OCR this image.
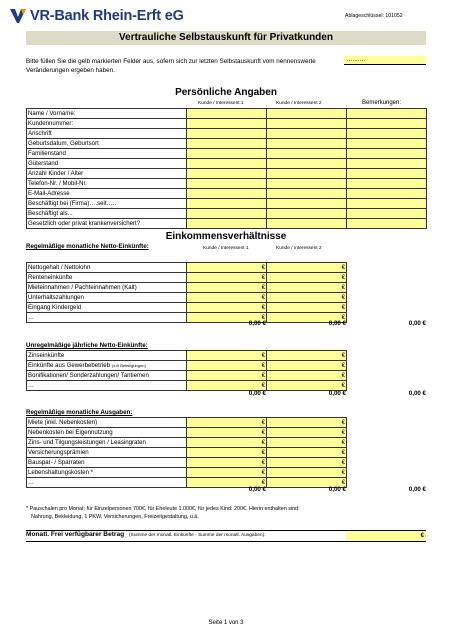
VR-Bank Rhein-Erft eG	Ablageschlüssel: 101052
Vertrauliche Selbstauskunft für Privatkunden
Bitte füllen Sie die gelb markierten Felder aus, sofern sich zur letzten Selbstauskunft vom nennenswerte Veränderungen ergeben haben.
..........
Persönliche Angaben
Kunde / Interessent 1	Kunde / Interessent 2	Bemerkungen:
Name / Vorname:			
Kundennummer:			
Anschrift			
Geburtsdatum, Geburtsort			
Familienstand			
Güterstand			
Anzahl Kinder / Alter			
Telefon-Nr. / Mobil-Nr.			
E-Mail-Adresse			
Beschäftigt bei (Firma)….seit…..			
Beschäftigt als...			
Gesetzlich oder privat krankenversichert?			
Einkommensverhältnisse
Regelmäßige monatliche Netto-Einkünfte:	Kunde / Interessent 1	Kunde / Interessent 2
Nettogehalt / Nettolohn	€	€
Renteneinkünfte	€	€
Mieteinnahmen / Pachteinnahmen (Kalt)	€	€
Unterhaltszahlungen	€	€
Eingang Kindergeld	€	€
…	€	€
0,00 €	0,00 €	0,00 €
Unregelmäßige jährliche Netto-Einkünfte:
Zinseinkünfte	€	€
Einkünfte aus Gewerbebetrieb (z.B Beteiligungen)	€	€
Bonifikationen/ Sonderzahlungen/ Tantiemen	€	€
…	€	€
0,00 €	0,00 €	0,00 €
Regelmäßige monatliche Ausgaben:
Miete (inkl. Nebenkosten)	€	€
Nebenkosten bei Eigennutzung	€	€
Zins- und Tilgungsleistungen / Leasingraten	€	€
Versicherungsprämien	€	€
Bauspar- / Sparraten	€	€
Lebenshaltungskosten *	€	€
…	€	€
0,00 €	0,00 €	0,00 €
* Pauschalen pro Monat: für Einzelpersonen 700€, für Eheleute 1.000€, für jedes Kind: 200€. Hierin enthalten sind:
Nahrung, Bekleidung, 1 PKW, Versicherungen, Freizeitgestaltung, u.ä.
Monatl. Frei verfügbarer Betrag (Summe der monatl. Einkünfte - Summe der monatl. Ausgaben):	€
Seite 1 von 3
